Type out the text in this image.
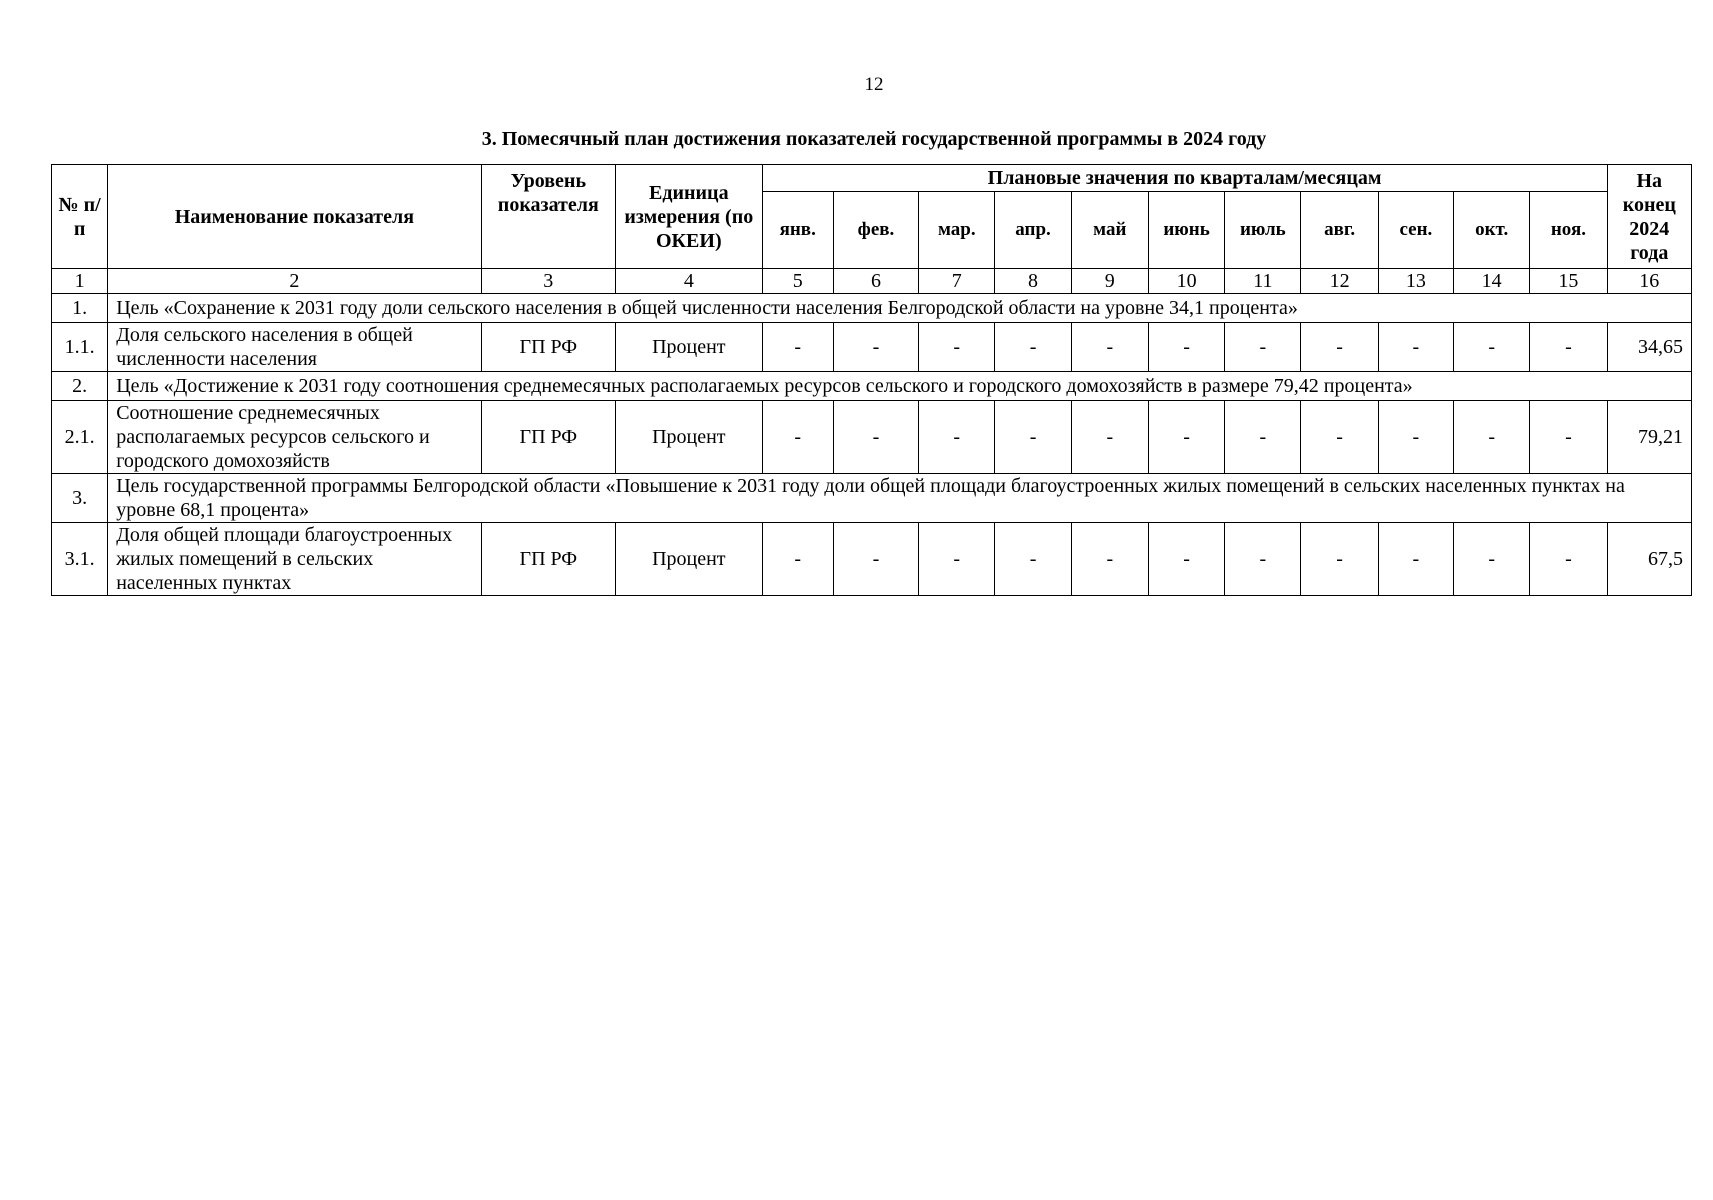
12
3. Помесячный план достижения показателей государственной программы в 2024 году
№ п/п	Наименование показателя	Уровень показателя	Единица измерения (по ОКЕИ)	Плановые значения по кварталам/месяцам											На конец 2024 года
				янв.	фев.	мар.	апр.	май	июнь	июль	авг.	сен.	окт.	ноя.	
1	2	3	4	5	6	7	8	9	10	11	12	13	14	15	16
1.	Цель «Сохранение к 2031 году доли сельского населения в общей численности населения Белгородской области на уровне 34,1 процента»														
1.1.	Доля сельского населения в общей численности населения	ГП РФ	Процент	-	-	-	-	-	-	-	-	-	-	-	34,65
2.	Цель «Достижение к 2031 году соотношения среднемесячных располагаемых ресурсов сельского и городского домохозяйств в размере 79,42 процента»														
2.1.	Соотношение среднемесячных располагаемых ресурсов сельского и городского домохозяйств	ГП РФ	Процент	-	-	-	-	-	-	-	-	-	-	-	79,21
3.	Цель государственной программы Белгородской области «Повышение к 2031 году доли общей площади благоустроенных жилых помещений в сельских населенных пунктах на уровне 68,1 процента»														
3.1.	Доля общей площади благоустроенных жилых помещений в сельских населенных пунктах	ГП РФ	Процент	-	-	-	-	-	-	-	-	-	-	-	67,5
